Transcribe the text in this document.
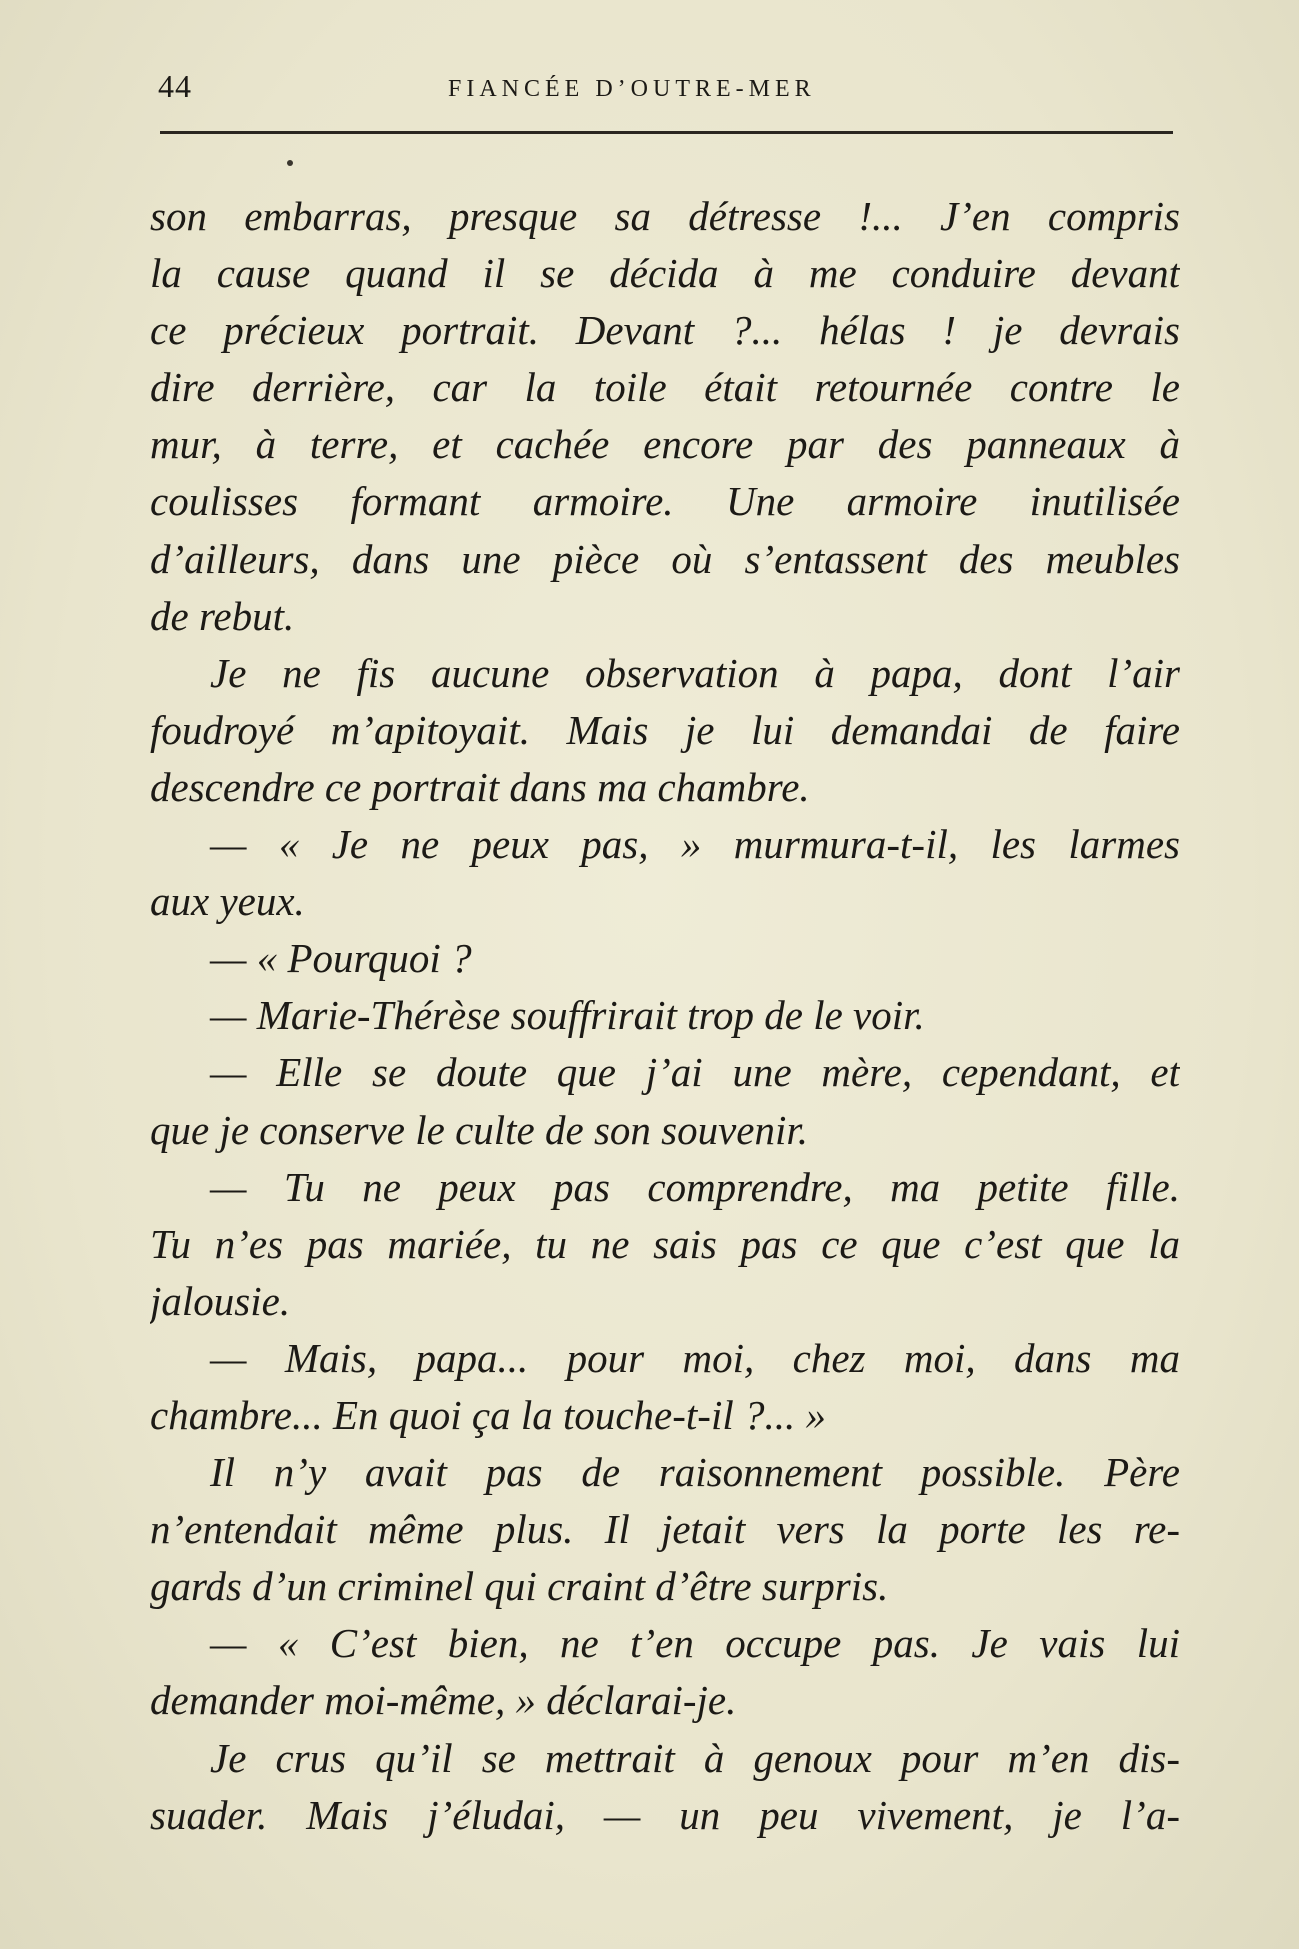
44	FIANCÉE D’OUTRE-MER
son embarras, presque sa détresse !... J’en compris
la cause quand il se décida à me conduire devant
ce précieux portrait. Devant ?... hélas ! je devrais
dire derrière, car la toile était retournée contre le
mur, à terre, et cachée encore par des panneaux à
coulisses formant armoire. Une armoire inutilisée
d’ailleurs, dans une pièce où s’entassent des meubles
de rebut.
Je ne fis aucune observation à papa, dont l’air
foudroyé m’apitoyait. Mais je lui demandai de faire
descendre ce portrait dans ma chambre.
— « Je ne peux pas, » murmura-t-il, les larmes
aux yeux.
— « Pourquoi ?
— Marie-Thérèse souffrirait trop de le voir.
— Elle se doute que j’ai une mère, cependant, et
que je conserve le culte de son souvenir.
— Tu ne peux pas comprendre, ma petite fille.
Tu n’es pas mariée, tu ne sais pas ce que c’est que la
jalousie.
— Mais, papa... pour moi, chez moi, dans ma
chambre... En quoi ça la touche-t-il ?... »
Il n’y avait pas de raisonnement possible. Père
n’entendait même plus. Il jetait vers la porte les re-
gards d’un criminel qui craint d’être surpris.
— « C’est bien, ne t’en occupe pas. Je vais lui
demander moi-même, » déclarai-je.
Je crus qu’il se mettrait à genoux pour m’en dis-
suader. Mais j’éludai, — un peu vivement, je l’a-
